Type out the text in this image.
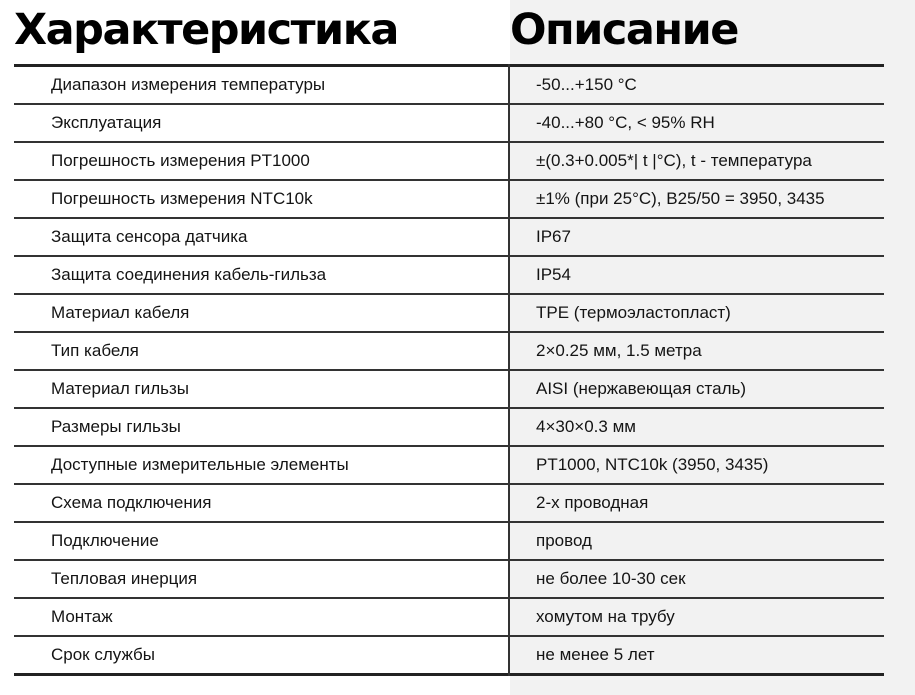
Характеристика	Описание
Диапазон измерения температуры	-50...+150 °C
Эксплуатация	-40...+80 °C, < 95% RH
Погрешность измерения PT1000	±(0.3+0.005*| t |°C), t - температура
Погрешность измерения NTC10k	±1% (при 25°C), B25/50 = 3950, 3435
Защита сенсора датчика	IP67
Защита соединения кабель-гильза	IP54
Материал кабеля	TPE (термоэластопласт)
Тип кабеля	2×0.25 мм, 1.5 метра
Материал гильзы	AISI (нержавеющая сталь)
Размеры гильзы	4×30×0.3 мм
Доступные измерительные элементы	PT1000, NTC10k (3950, 3435)
Схема подключения	2-х проводная
Подключение	провод
Тепловая инерция	не более 10-30 сек
Монтаж	хомутом на трубу
Срок службы	не менее 5 лет
